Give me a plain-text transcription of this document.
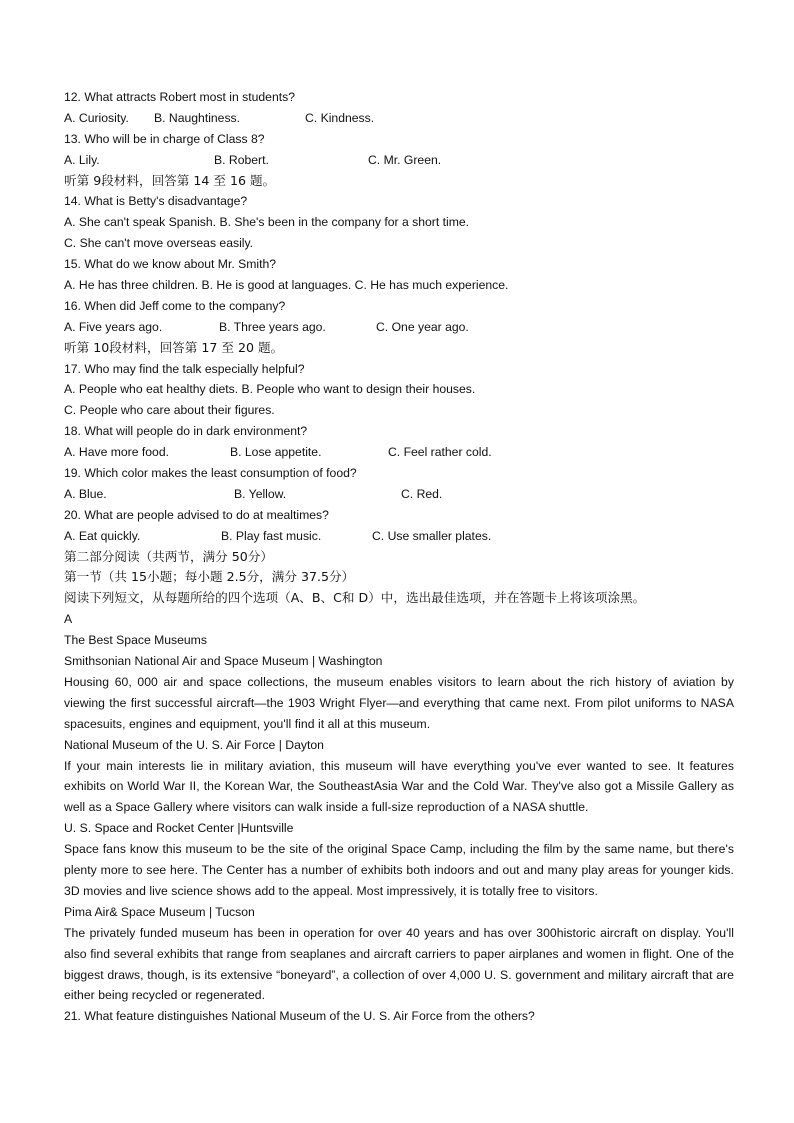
12. What attracts Robert most in students?
A. Curiosity.	B. Naughtiness.	C. Kindness.
13. Who will be in charge of Class 8?
A. Lily.	B. Robert.	C. Mr. Green.
听第 9段材料，回答第 14 至 16 题。
14. What is Betty's disadvantage?
A. She can't speak Spanish. B. She's been in the company for a short time.
C. She can't move overseas easily.
15. What do we know about Mr. Smith?
A. He has three children. B. He is good at languages. C. He has much experience.
16. When did Jeff come to the company?
A. Five years ago.	B. Three years ago.	C. One year ago.
听第 10段材料，回答第 17 至 20 题。
17. Who may find the talk especially helpful?
A. People who eat healthy diets. B. People who want to design their houses.
C. People who care about their figures.
18. What will people do in dark environment?
A. Have more food.	B. Lose appetite.	C. Feel rather cold.
19. Which color makes the least consumption of food?
A. Blue.	B. Yellow.	C. Red.
20. What are people advised to do at mealtimes?
A. Eat quickly.	B. Play fast music.	C. Use smaller plates.
第二部分阅读（共两节，满分 50分）
第一节（共 15小题；每小题 2.5分，满分 37.5分）
阅读下列短文，从每题所给的四个选项（A、B、C和 D）中，选出最佳选项，并在答题卡上将该项涂黑。
A
The Best Space Museums
Smithsonian National Air and Space Museum | Washington
Housing 60, 000 air and space collections, the museum enables visitors to learn about the rich history of aviation by viewing the first successful aircraft—the 1903 Wright Flyer—and everything that came next. From pilot uniforms to NASA spacesuits, engines and equipment, you'll find it all at this museum.
National Museum of the U. S. Air Force | Dayton
If your main interests lie in military aviation, this museum will have everything you've ever wanted to see. It features exhibits on World War II, the Korean War, the SoutheastAsia War and the Cold War. They've also got a Missile Gallery as well as a Space Gallery where visitors can walk inside a full-size reproduction of a NASA shuttle.
U. S. Space and Rocket Center |Huntsville
Space fans know this museum to be the site of the original Space Camp, including the film by the same name, but there's plenty more to see here. The Center has a number of exhibits both indoors and out and many play areas for younger kids. 3D movies and live science shows add to the appeal. Most impressively, it is totally free to visitors.
Pima Air& Space Museum | Tucson
The privately funded museum has been in operation for over 40 years and has over 300historic aircraft on display. You'll also find several exhibits that range from seaplanes and aircraft carriers to paper airplanes and women in flight. One of the biggest draws, though, is its extensive “boneyard”, a collection of over 4,000 U. S. government and military aircraft that are either being recycled or regenerated.
21. What feature distinguishes National Museum of the U. S. Air Force from the others?
